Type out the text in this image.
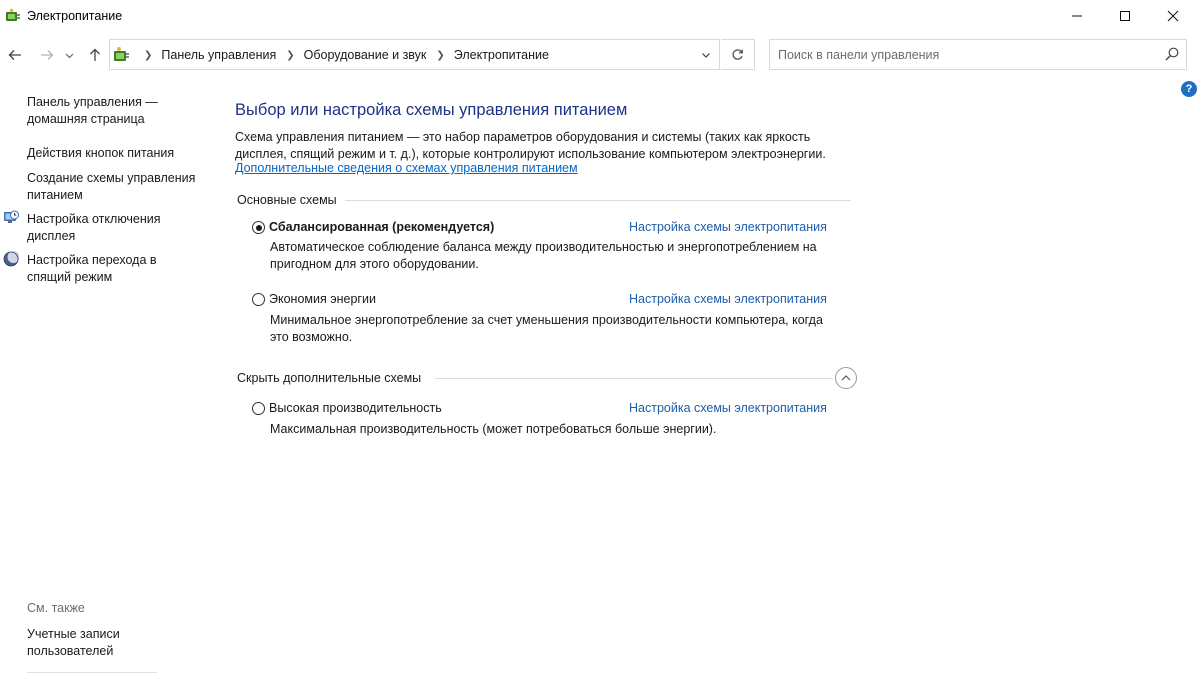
Электропитание
❯ Панель управления ❯ Оборудование и звук ❯ Электропитание
Поиск в панели управления
?
Панель управления — домашняя страница
Действия кнопок питания
Создание схемы управления питанием
Настройка отключения дисплея
Настройка перехода в спящий режим
См. также
Учетные записи пользователей
Выбор или настройка схемы управления питанием

Схема управления питанием — это набор параметров оборудования и системы (таких как яркость дисплея, спящий режим и т. д.), которые контролируют использование компьютером электроэнергии.

Дополнительные сведения о схемах управления питанием
Основные схемы
Сбалансированная (рекомендуется)	Настройка схемы электропитания

Автоматическое соблюдение баланса между производительностью и энергопотреблением на пригодном для этого оборудовании.

Экономия энергии	Настройка схемы электропитания

Минимальное энергопотребление за счет уменьшения производительности компьютера, когда это возможно.

Скрыть дополнительные схемы
Высокая производительность	Настройка схемы электропитания

Максимальная производительность (может потребоваться больше энергии).
